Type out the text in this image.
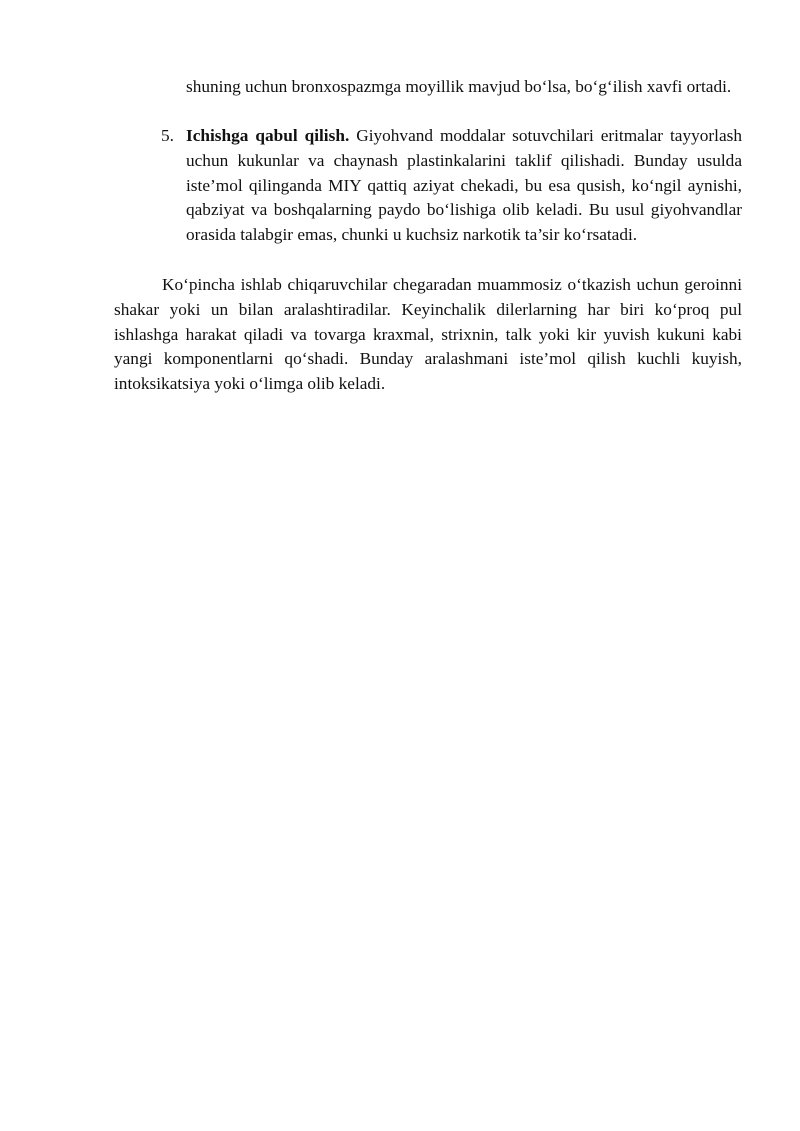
shuning uchun bronxospazmga moyillik mavjud bo‘lsa, bo‘g‘ilish xavfi ortadi.
5. Ichishga qabul qilish. Giyohvand moddalar sotuvchilari eritmalar tayyorlash uchun kukunlar va chaynash plastinkalarini taklif qilishadi. Bunday usulda iste’mol qilinganda MIY qattiq aziyat chekadi, bu esa qusish, ko‘ngil aynishi, qabziyat va boshqalarning paydo bo‘lishiga olib keladi. Bu usul giyohvandlar orasida talabgir emas, chunki u kuchsiz narkotik ta’sir ko‘rsatadi.
Ko‘pincha ishlab chiqaruvchilar chegaradan muammosiz o‘tkazish uchun geroinni shakar yoki un bilan aralashtiradilar. Keyinchalik dilerlarning har biri ko‘proq pul ishlashga harakat qiladi va tovarga kraxmal, strixnin, talk yoki kir yuvish kukuni kabi yangi komponentlarni qo‘shadi. Bunday aralashmani iste’mol qilish kuchli kuyish, intoksikatsiya yoki o‘limga olib keladi.
